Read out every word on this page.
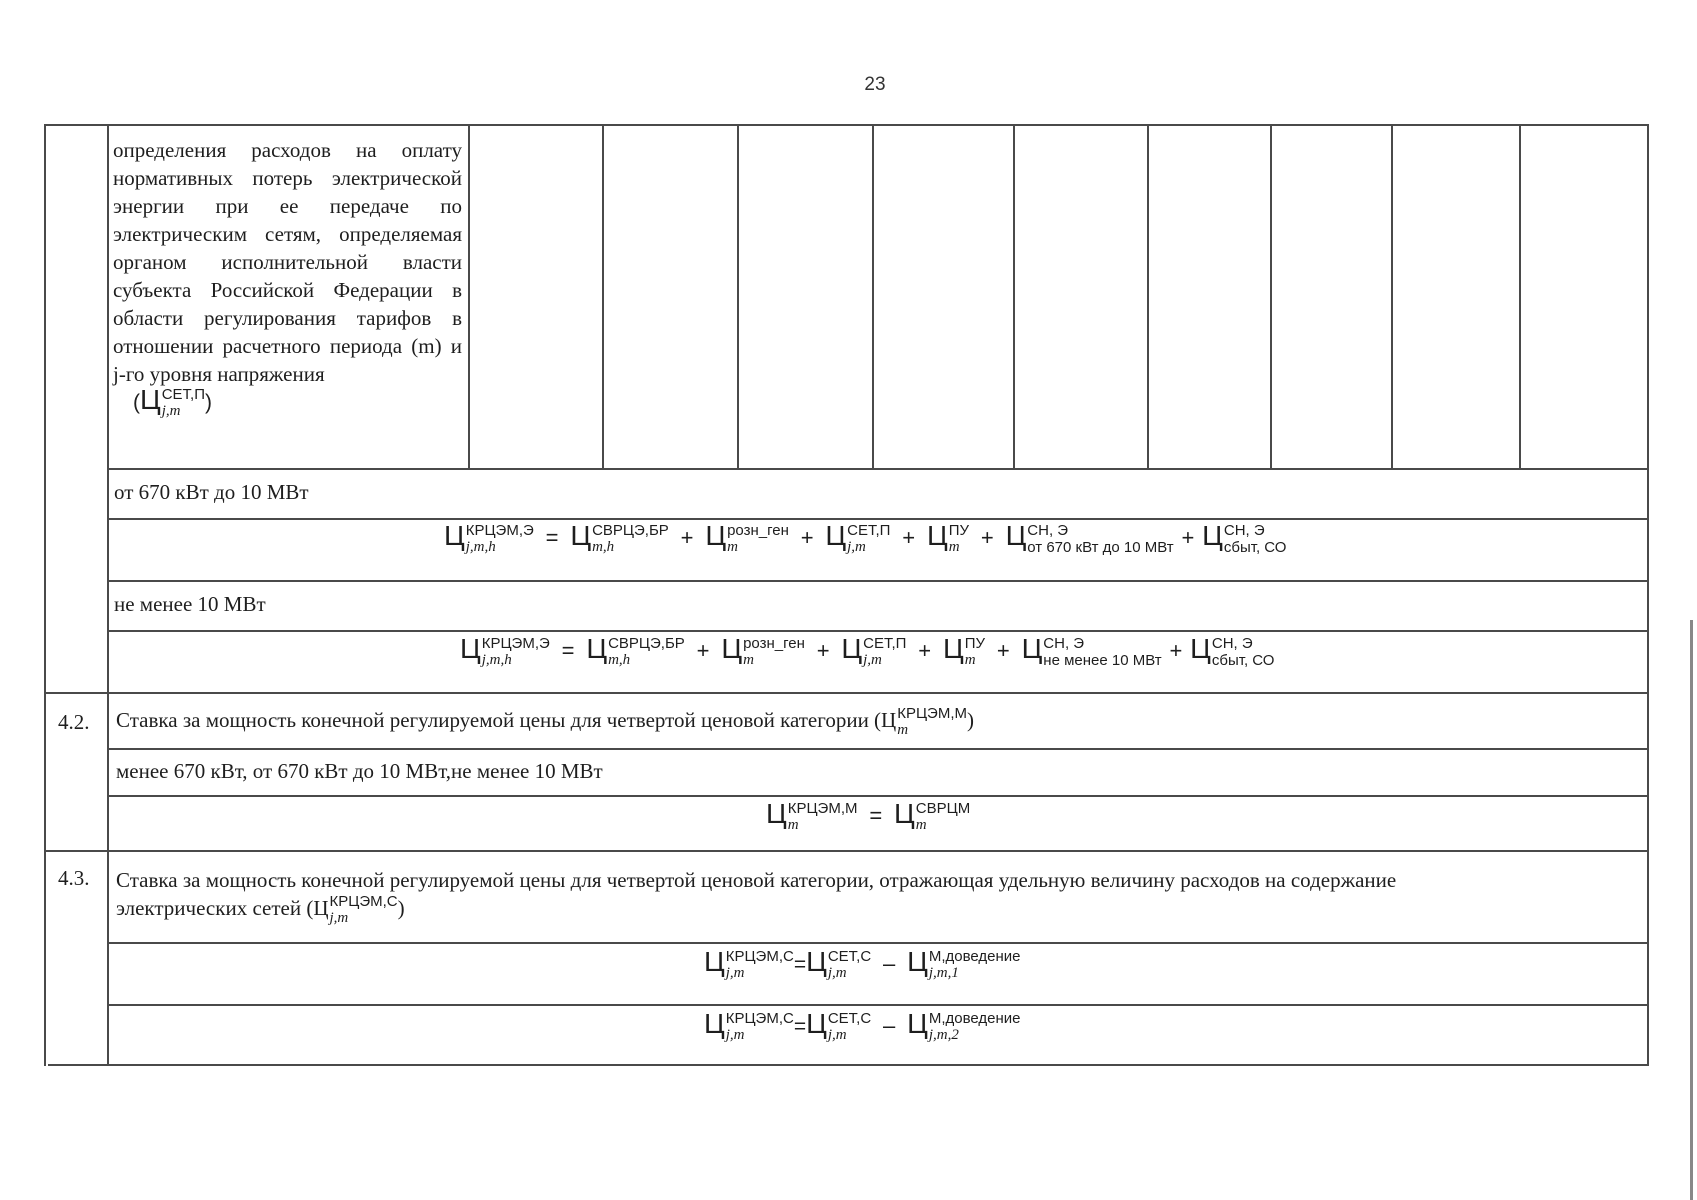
23
определения расходов на оплату нормативных потерь электрической энергии при ее передаче по электрическим сетям, определяемая органом исполнительной власти субъекта Российской Федерации в области регулирования тарифов в отношении расчетного периода (m) и j-го уровня напряжения
(Ц СЕТ,П
j,m	)
от 670 кВт до 10 МВт
Ц КРЦЭМ,Э
j,m,h	= Ц СВРЦЭ,БР
m,h	+ Ц розн_ген
m	+ Ц СЕТ,П
j,m	+ Ц ПУ
m + Ц СН, Э
от 670 кВт до 10 МВт + Ц СН, Э
сбыт, СО
не менее 10 МВт
Ц КРЦЭМ,Э
j,m,h	= Ц СВРЦЭ,БР
m,h	+ Ц розн_ген
m	+ Ц СЕТ,П
j,m	+ Ц ПУ
m + Ц СН, Э
не менее 10 МВт + Ц СН, Э
сбыт, СО
4.2. Ставка за мощность конечной регулируемой цены для четвертой ценовой категории (Ц КРЦЭМ,М
m	)
менее 670 кВт, от 670 кВт до 10 МВт,не менее 10 МВт
Ц КРЦЭМ,М
m	= Ц СВРЦМ
m
4.3. Ставка за мощность конечной регулируемой цены для четвертой ценовой категории, отражающая удельную величину расходов на содержание
электрических сетей (Ц КРЦЭМ,С
j,m	)
Ц КРЦЭМ,С
j,m	=Ц СЕТ,С
j,m	– Ц М,доведение
j,m,1
Ц КРЦЭМ,С
j,m	=Ц СЕТ,С
j,m	– Ц М,доведение
j,m,2
